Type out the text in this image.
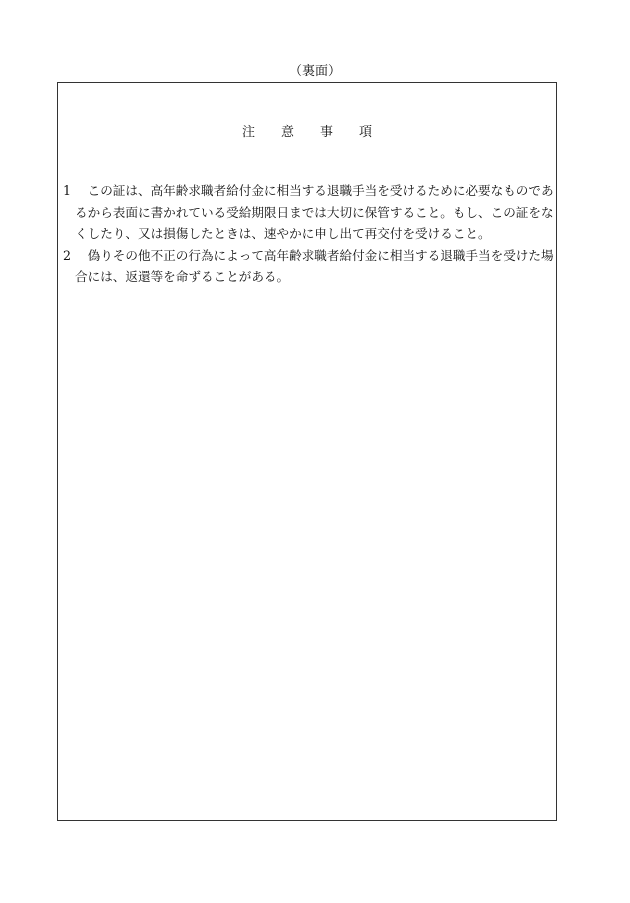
（裏面）
注 意 事 項
1	この証は、高年齢求職者給付金に相当する退職手当を受けるために必要なものであるから表面に書かれている受給期限日までは大切に保管すること。もし、この証をなくしたり、又は損傷したときは、速やかに申し出て再交付を受けること。
2	偽りその他不正の行為によって高年齢求職者給付金に相当する退職手当を受けた場合には、返還等を命ずることがある。
